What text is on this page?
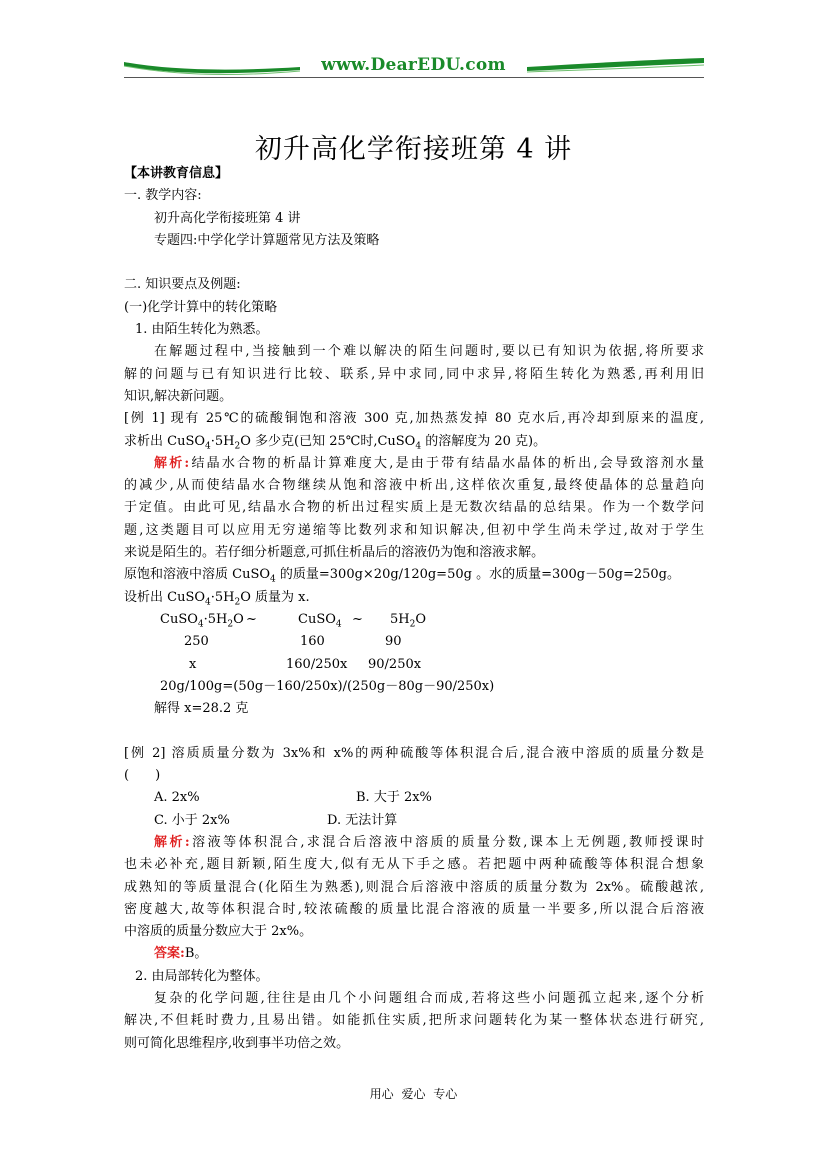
www.DearEDU.com
初升高化学衔接班第 4 讲
【本讲教育信息】
一. 教学内容:
初升高化学衔接班第 4 讲
专题四:中学化学计算题常见方法及策略
二. 知识要点及例题:
(一)化学计算中的转化策略
1. 由陌生转化为熟悉。
在解题过程中,当接触到一个难以解决的陌生问题时,要以已有知识为依据,将所要求
解的问题与已有知识进行比较、联系,异中求同,同中求异,将陌生转化为熟悉,再利用旧
知识,解决新问题。
[例 1] 现有 25℃的硫酸铜饱和溶液 300 克,加热蒸发掉 80 克水后,再冷却到原来的温度,
求析出 $CuSO_4\cdot 5H_2O$ 多少克(已知 25℃时,CuSO$_4$ 的溶解度为 20 克)。
解析:结晶水合物的析晶计算难度大,是由于带有结晶水晶体的析出,会导致溶剂水量
的减少,从而使结晶水合物继续从饱和溶液中析出,这样依次重复,最终使晶体的总量趋向
于定值。由此可见,结晶水合物的析出过程实质上是无数次结晶的总结果。作为一个数学问
题,这类题目可以应用无穷递缩等比数列求和知识解决,但初中学生尚未学过,故对于学生
来说是陌生的。若仔细分析题意,可抓住析晶后的溶液仍为饱和溶液求解。
原饱和溶液中溶质 CuSO$_4$ 的质量=300g×20g/120g=50g 。水的质量=300g－50g=250g。
设析出 $CuSO_4\cdot 5H_2O$ 质量为 x.
$CuSO_4\cdot 5H_2O$ ~	CuSO$_4$ ~ $5H_2O$
250	160	90
x	160/250x 90/250x
20g/100g=(50g－160/250x)/(250g－80g－90/250x)
解得 x=28.2 克
[例 2] 溶质质量分数为 3x%和 x%的两种硫酸等体积混合后,混合液中溶质的质量分数是
(　　)
A. 2x%	B. 大于 2x%
C. 小于 2x%	D. 无法计算
解析:溶液等体积混合,求混合后溶液中溶质的质量分数,课本上无例题,教师授课时
也未必补充,题目新颖,陌生度大,似有无从下手之感。若把题中两种硫酸等体积混合想象
成熟知的等质量混合(化陌生为熟悉),则混合后溶液中溶质的质量分数为 2x%。硫酸越浓,
密度越大,故等体积混合时,较浓硫酸的质量比混合溶液的质量一半要多,所以混合后溶液
中溶质的质量分数应大于 2x%。
答案:B。
2. 由局部转化为整体。
复杂的化学问题,往往是由几个小问题组合而成,若将这些小问题孤立起来,逐个分析
解决,不但耗时费力,且易出错。如能抓住实质,把所求问题转化为某一整体状态进行研究,
则可简化思维程序,收到事半功倍之效。
用心 爱心 专心
